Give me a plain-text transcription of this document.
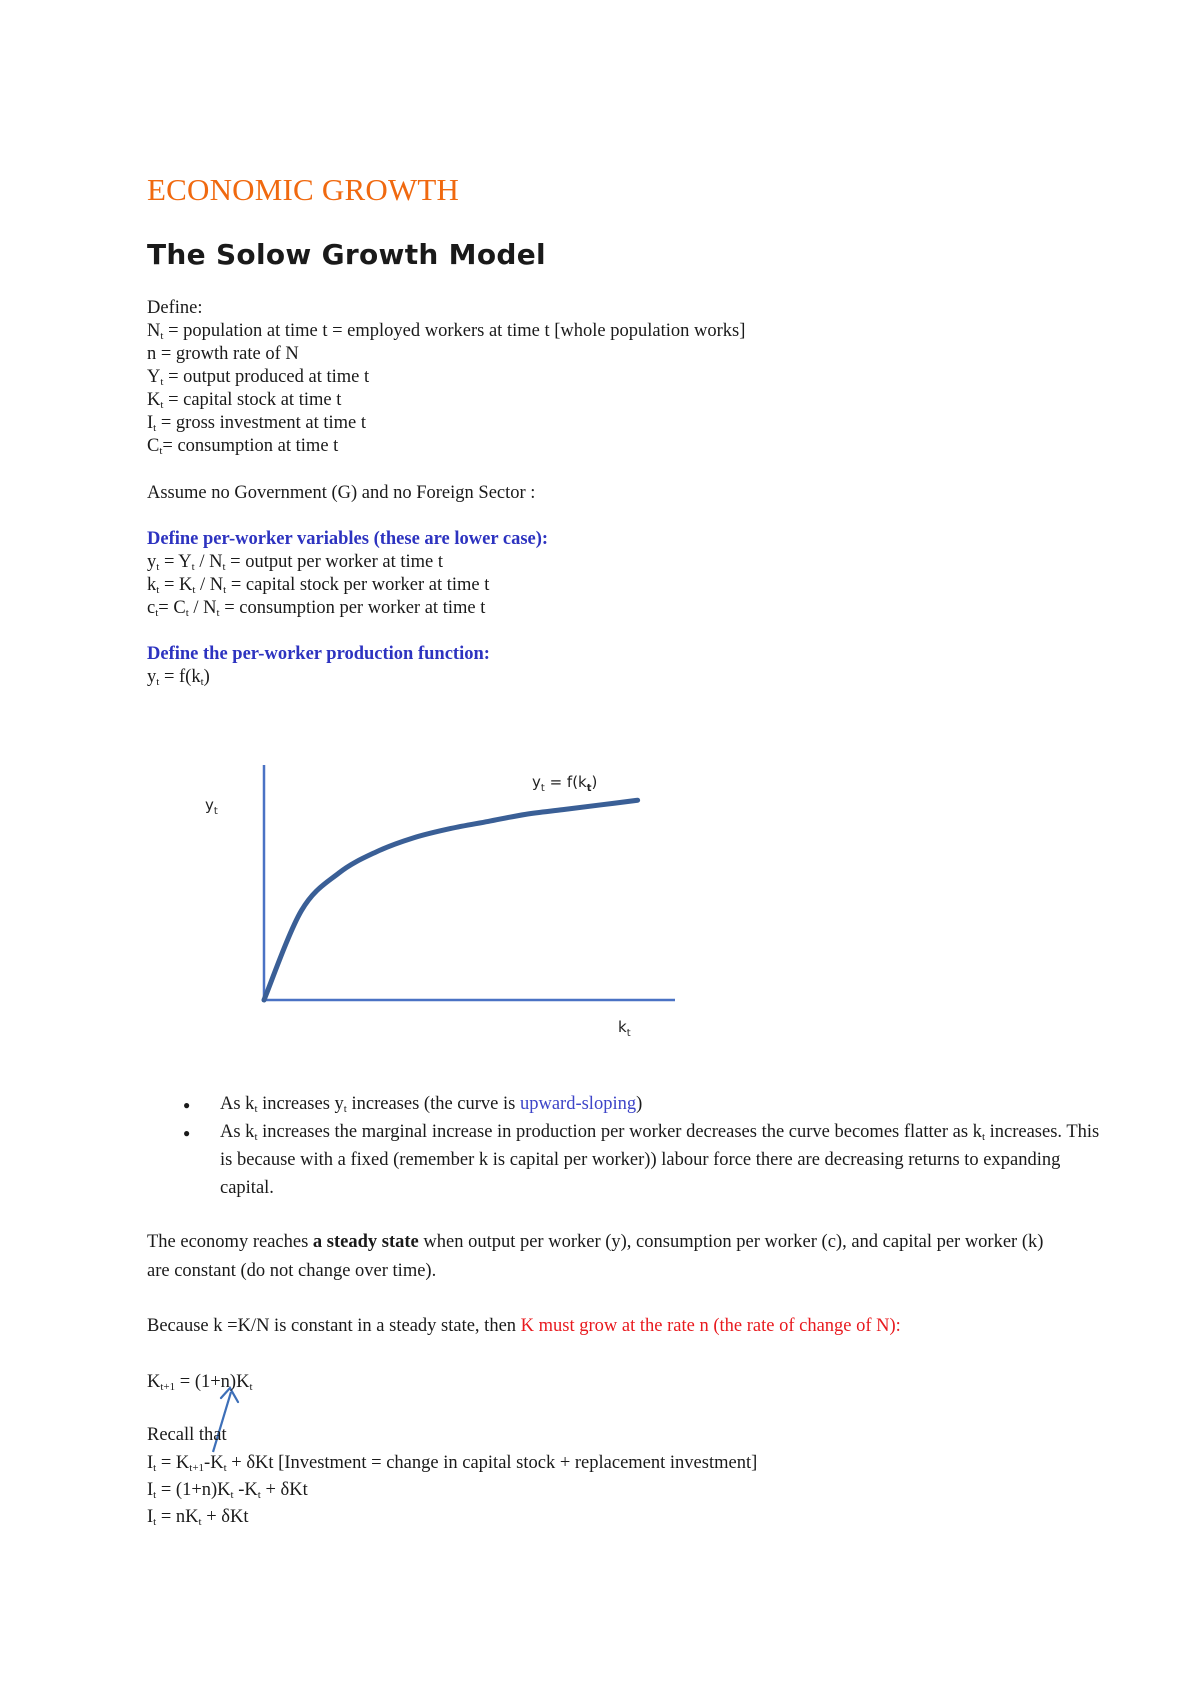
ECONOMIC GROWTH
The Solow Growth Model
Define:
$N_t$ = population at time t = employed workers at time t [whole population works]
n = growth rate of N
$Y_t$ = output produced at time t
$K_t$ = capital stock at time t
$I_t$ = gross investment at time t
$C_t=$ consumption at time t
Assume no Government (G) and no Foreign Sector :
Define per-worker variables (these are lower case):
$y_t = Y_t / N_t$ = output per worker at time t
$k_t = K_t / N_t$ = capital stock per worker at time t
$c_t= C_t / N_t$ = consumption per worker at time t
Define the per-worker production function:
$y_t = f(k_t)$
$y_t$
$k_t$
$y_t = f(k_t)$
● As $k_t$ increases $y_t$ increases (the curve is upward-sloping)
● As $k_t$ increases the marginal increase in production per worker decreases the curve becomes flatter as $k_t$ increases. This is because with a fixed (remember k is capital per worker)) labour force there are decreasing returns to expanding capital.
The economy reaches a steady state when output per worker (y), consumption per worker (c), and capital per worker (k) are constant (do not change over time).
Because k =K/N is constant in a steady state, then K must grow at the rate n (the rate of change of N):
$K_{t+1} = (1+n)K_t$
Recall that
$I_t = K_{t+1}-K_t + \delta Kt$ [Investment = change in capital stock + replacement investment]
$I_t = (1+n)K_t$ $-K_t + \delta Kt$
$I_t = nK_t + \delta Kt$
